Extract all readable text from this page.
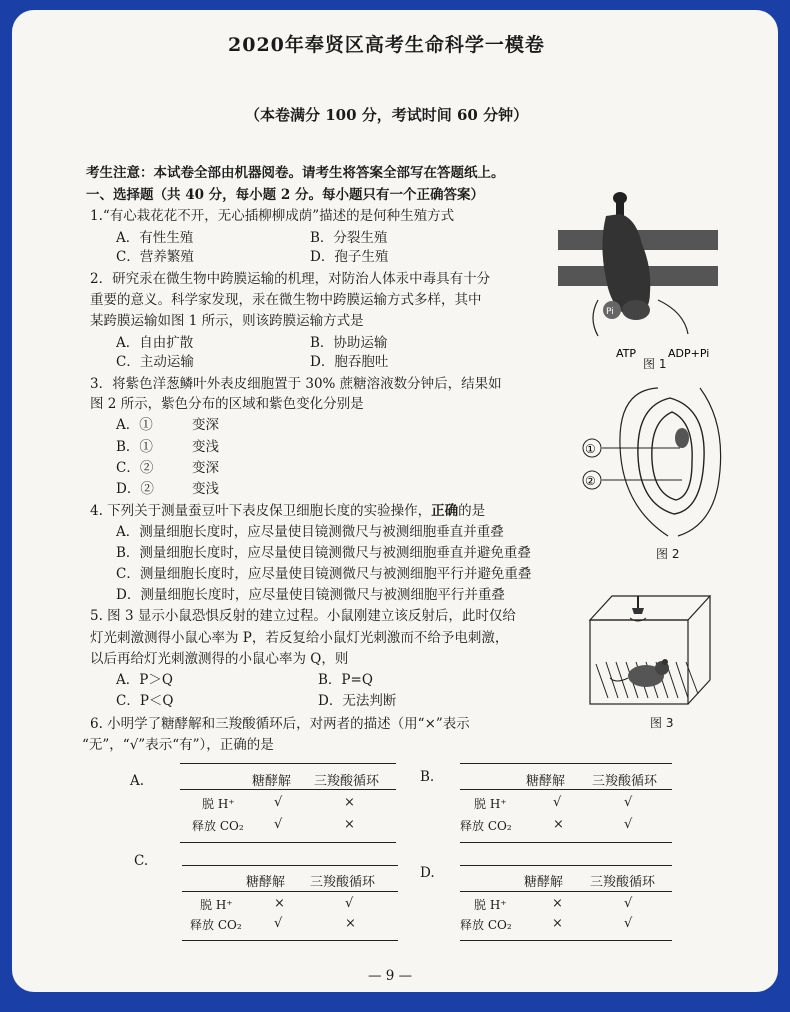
2020年奉贤区高考生命科学一模卷
（本卷满分 100 分，考试时间 60 分钟）
考生注意：本试卷全部由机器阅卷。请考生将答案全部写在答题纸上。
一、选择题（共 40 分，每小题 2 分。每小题只有一个正确答案）
1.“有心栽花花不开，无心插柳柳成荫”描述的是何种生殖方式
A．有性生殖	B．分裂生殖
C．营养繁殖	D．孢子生殖
2．研究汞在微生物中跨膜运输的机理，对防治人体汞中毒具有十分
重要的意义。科学家发现，汞在微生物中跨膜运输方式多样，其中
某跨膜运输如图 1 所示，则该跨膜运输方式是
A．自由扩散	B．协助运输
C．主动运输	D．胞吞胞吐
3．将紫色洋葱鳞叶外表皮细胞置于 30% 蔗糖溶液数分钟后，结果如
图 2 所示，紫色分布的区域和紫色变化分别是
A．①	变深
B．①	变浅
C．②	变深
D．②	变浅
4. 下列关于测量蚕豆叶下表皮保卫细胞长度的实验操作，正确的是
A．测量细胞长度时，应尽量使目镜测微尺与被测细胞垂直并重叠
B．测量细胞长度时，应尽量使目镜测微尺与被测细胞垂直并避免重叠
C．测量细胞长度时，应尽量使目镜测微尺与被测细胞平行并避免重叠
D．测量细胞长度时，应尽量使目镜测微尺与被测细胞平行并重叠
5. 图 3 显示小鼠恐惧反射的建立过程。小鼠刚建立该反射后，此时仅给
灯光刺激测得小鼠心率为 P，若反复给小鼠灯光刺激而不给予电刺激，
以后再给灯光刺激测得的小鼠心率为 Q，则
A．P＞Q	B．P=Q
C．P＜Q	D．无法判断
6. 小明学了糖酵解和三羧酸循环后，对两者的描述（用“×”表示
“无”，“√”表示“有”），正确的是
A.	糖酵解 三羧酸循环
脱 H⁺	√	×
释放 CO₂ √	×
B.	糖酵解 三羧酸循环
脱 H⁺	√	√
释放 CO₂	×	√
C.
糖酵解 三羧酸循环
脱 H⁺	×	√
释放 CO₂ √	×
D.
糖酵解 三羧酸循环
脱 H⁺	×	√
释放 CO₂	×	√
Pi
ATP	ADP+Pi
图 1
①
②
图 2
图 3
— 9 —
